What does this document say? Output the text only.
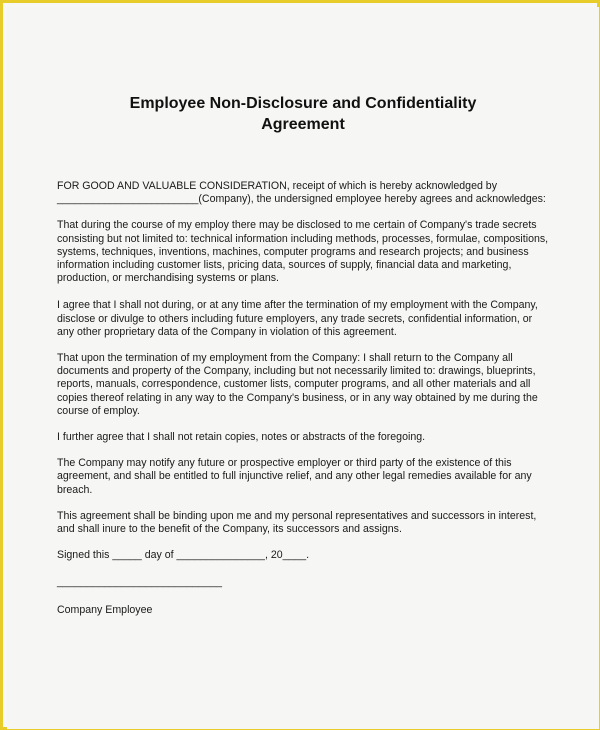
Employee Non-Disclosure and Confidentiality
Agreement

FOR GOOD AND VALUABLE CONSIDERATION, receipt of which is hereby acknowledged by ________________________(Company), the undersigned employee hereby agrees and acknowledges:

That during the course of my employ there may be disclosed to me certain of Company's trade secrets consisting but not limited to: technical information including methods, processes, formulae, compositions, systems, techniques, inventions, machines, computer programs and research projects; and business information including customer lists, pricing data, sources of supply, financial data and marketing, production, or merchandising systems or plans.

I agree that I shall not during, or at any time after the termination of my employment with the Company, disclose or divulge to others including future employers, any trade secrets, confidential information, or any other proprietary data of the Company in violation of this agreement.

That upon the termination of my employment from the Company: I shall return to the Company all documents and property of the Company, including but not necessarily limited to: drawings, blueprints, reports, manuals, correspondence, customer lists, computer programs, and all other materials and all copies thereof relating in any way to the Company's business, or in any way obtained by me during the course of employ.

I further agree that I shall not retain copies, notes or abstracts of the foregoing.

The Company may notify any future or prospective employer or third party of the existence of this agreement, and shall be entitled to full injunctive relief, and any other legal remedies available for any breach.

This agreement shall be binding upon me and my personal representatives and successors in interest, and shall inure to the benefit of the Company, its successors and assigns.

Signed this _____ day of _______________, 20____.

____________________________

Company Employee
